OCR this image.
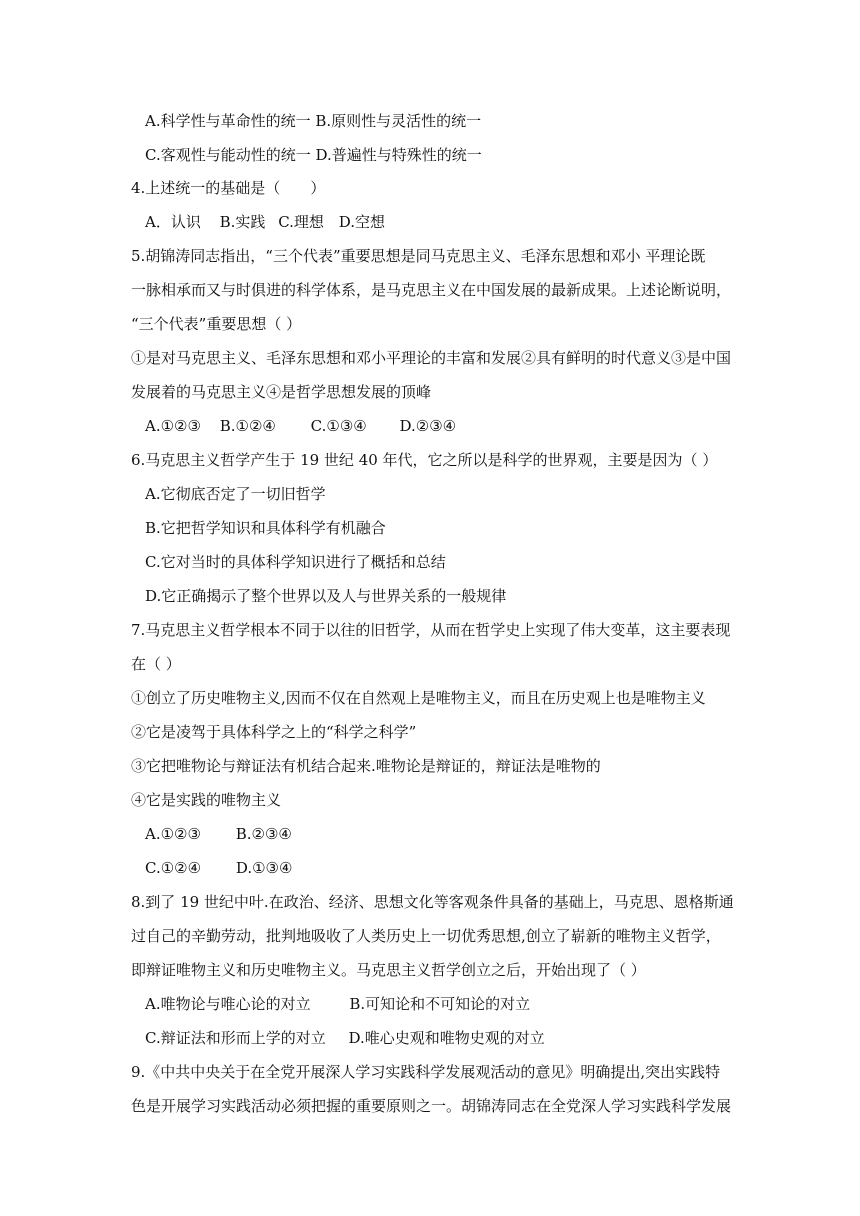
A.科学性与革命性的统一 B.原则性与灵活性的统一
C.客观性与能动性的统一 D.普遍性与特殊性的统一
4.上述统一的基础是（　　）
A．认识 B.实践 C.理想 D.空想
5.胡锦涛同志指出，“三个代表”重要思想是同马克思主义、毛泽东思想和邓小 平理论既
一脉相承而又与时俱进的科学体系，是马克思主义在中国发展的最新成果。上述论断说明，
“三个代表”重要思想（ ）
①是对马克思主义、毛泽东思想和邓小平理论的丰富和发展②具有鲜明的时代意义③是中国
发展着的马克思主义④是哲学思想发展的顶峰
A.①②③ B.①②④ C.①③④ D.②③④
6.马克思主义哲学产生于 19 世纪 40 年代，它之所以是科学的世界观，主要是因为（ ）
A.它彻底否定了一切旧哲学
B.它把哲学知识和具体科学有机融合
C.它对当时的具体科学知识进行了概括和总结
D.它正确揭示了整个世界以及人与世界关系的一般规律
7.马克思主义哲学根本不同于以往的旧哲学，从而在哲学史上实现了伟大变革，这主要表现
在（ ）
①创立了历史唯物主义,因而不仅在自然观上是唯物主义，而且在历史观上也是唯物主义
②它是凌驾于具体科学之上的“科学之科学”
③它把唯物论与辩证法有机结合起来.唯物论是辩证的，辩证法是唯物的
④它是实践的唯物主义
A.①②③ B.②③④
C.①②④ D.①③④
8.到了 19 世纪中叶.在政治、经济、思想文化等客观条件具备的基础上，马克思、恩格斯通
过自己的辛勤劳动，批判地吸收了人类历史上一切优秀思想,创立了崭新的唯物主义哲学，
即辩证唯物主义和历史唯物主义。马克思主义哲学创立之后，开始出现了（ ）
A.唯物论与唯心论的对立	B.可知论和不可知论的对立
C.辩证法和形而上学的对立 D.唯心史观和唯物史观的对立
9.《中共中央关于在全党开展深人学习实践科学发展观活动的意见》明确提出,突出实践特
色是开展学习实践活动必须把握的重要原则之一。胡锦涛同志在全党深人学习实践科学发展
